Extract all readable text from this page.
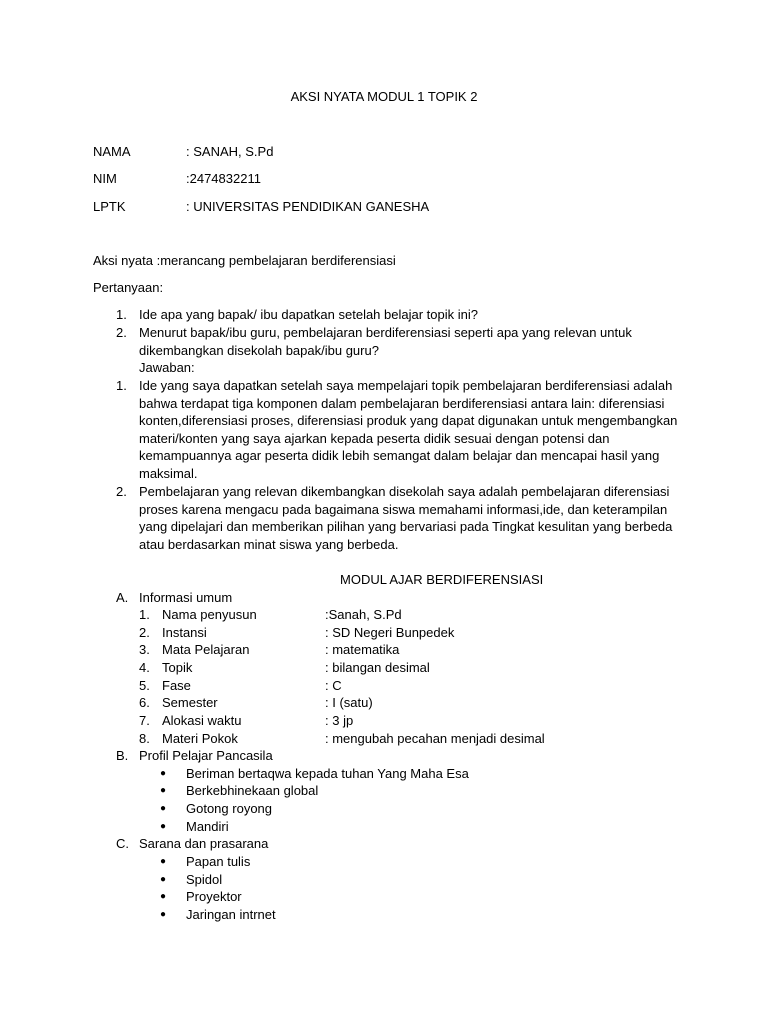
AKSI NYATA MODUL 1 TOPIK 2
NAMA	: SANAH, S.Pd
NIM	:2474832211
LPTK	: UNIVERSITAS PENDIDIKAN GANESHA
Aksi nyata :merancang pembelajaran berdiferensiasi
Pertanyaan:
1. Ide apa yang bapak/ ibu dapatkan setelah belajar topik ini?
2. Menurut bapak/ibu guru, pembelajaran berdiferensiasi seperti apa yang relevan untuk dikembangkan disekolah bapak/ibu guru?
Jawaban:
1. Ide yang saya dapatkan setelah saya mempelajari topik pembelajaran berdiferensiasi adalah bahwa terdapat tiga komponen dalam pembelajaran berdiferensiasi antara lain: diferensiasi konten,diferensiasi proses, diferensiasi produk yang dapat digunakan untuk mengembangkan materi/konten yang saya ajarkan kepada peserta didik sesuai dengan potensi dan kemampuannya agar peserta didik lebih semangat dalam belajar dan mencapai hasil yang maksimal.
2. Pembelajaran yang relevan dikembangkan disekolah saya adalah pembelajaran diferensiasi proses karena mengacu pada bagaimana siswa memahami informasi,ide, dan keterampilan yang dipelajari dan memberikan pilihan yang bervariasi pada Tingkat kesulitan yang berbeda atau berdasarkan minat siswa yang berbeda.
MODUL AJAR BERDIFERENSIASI
A. Informasi umum
1. Nama penyusun	:Sanah, S.Pd
2. Instansi	: SD Negeri Bunpedek
3. Mata Pelajaran	: matematika
4. Topik	: bilangan desimal
5. Fase	: C
6. Semester	: I (satu)
7. Alokasi waktu	: 3 jp
8. Materi Pokok	: mengubah pecahan menjadi desimal
B. Profil Pelajar Pancasila
● Beriman bertaqwa kepada tuhan Yang Maha Esa
● Berkebhinekaan global
● Gotong royong
● Mandiri
C. Sarana dan prasarana
● Papan tulis
● Spidol
● Proyektor
● Jaringan intrnet
